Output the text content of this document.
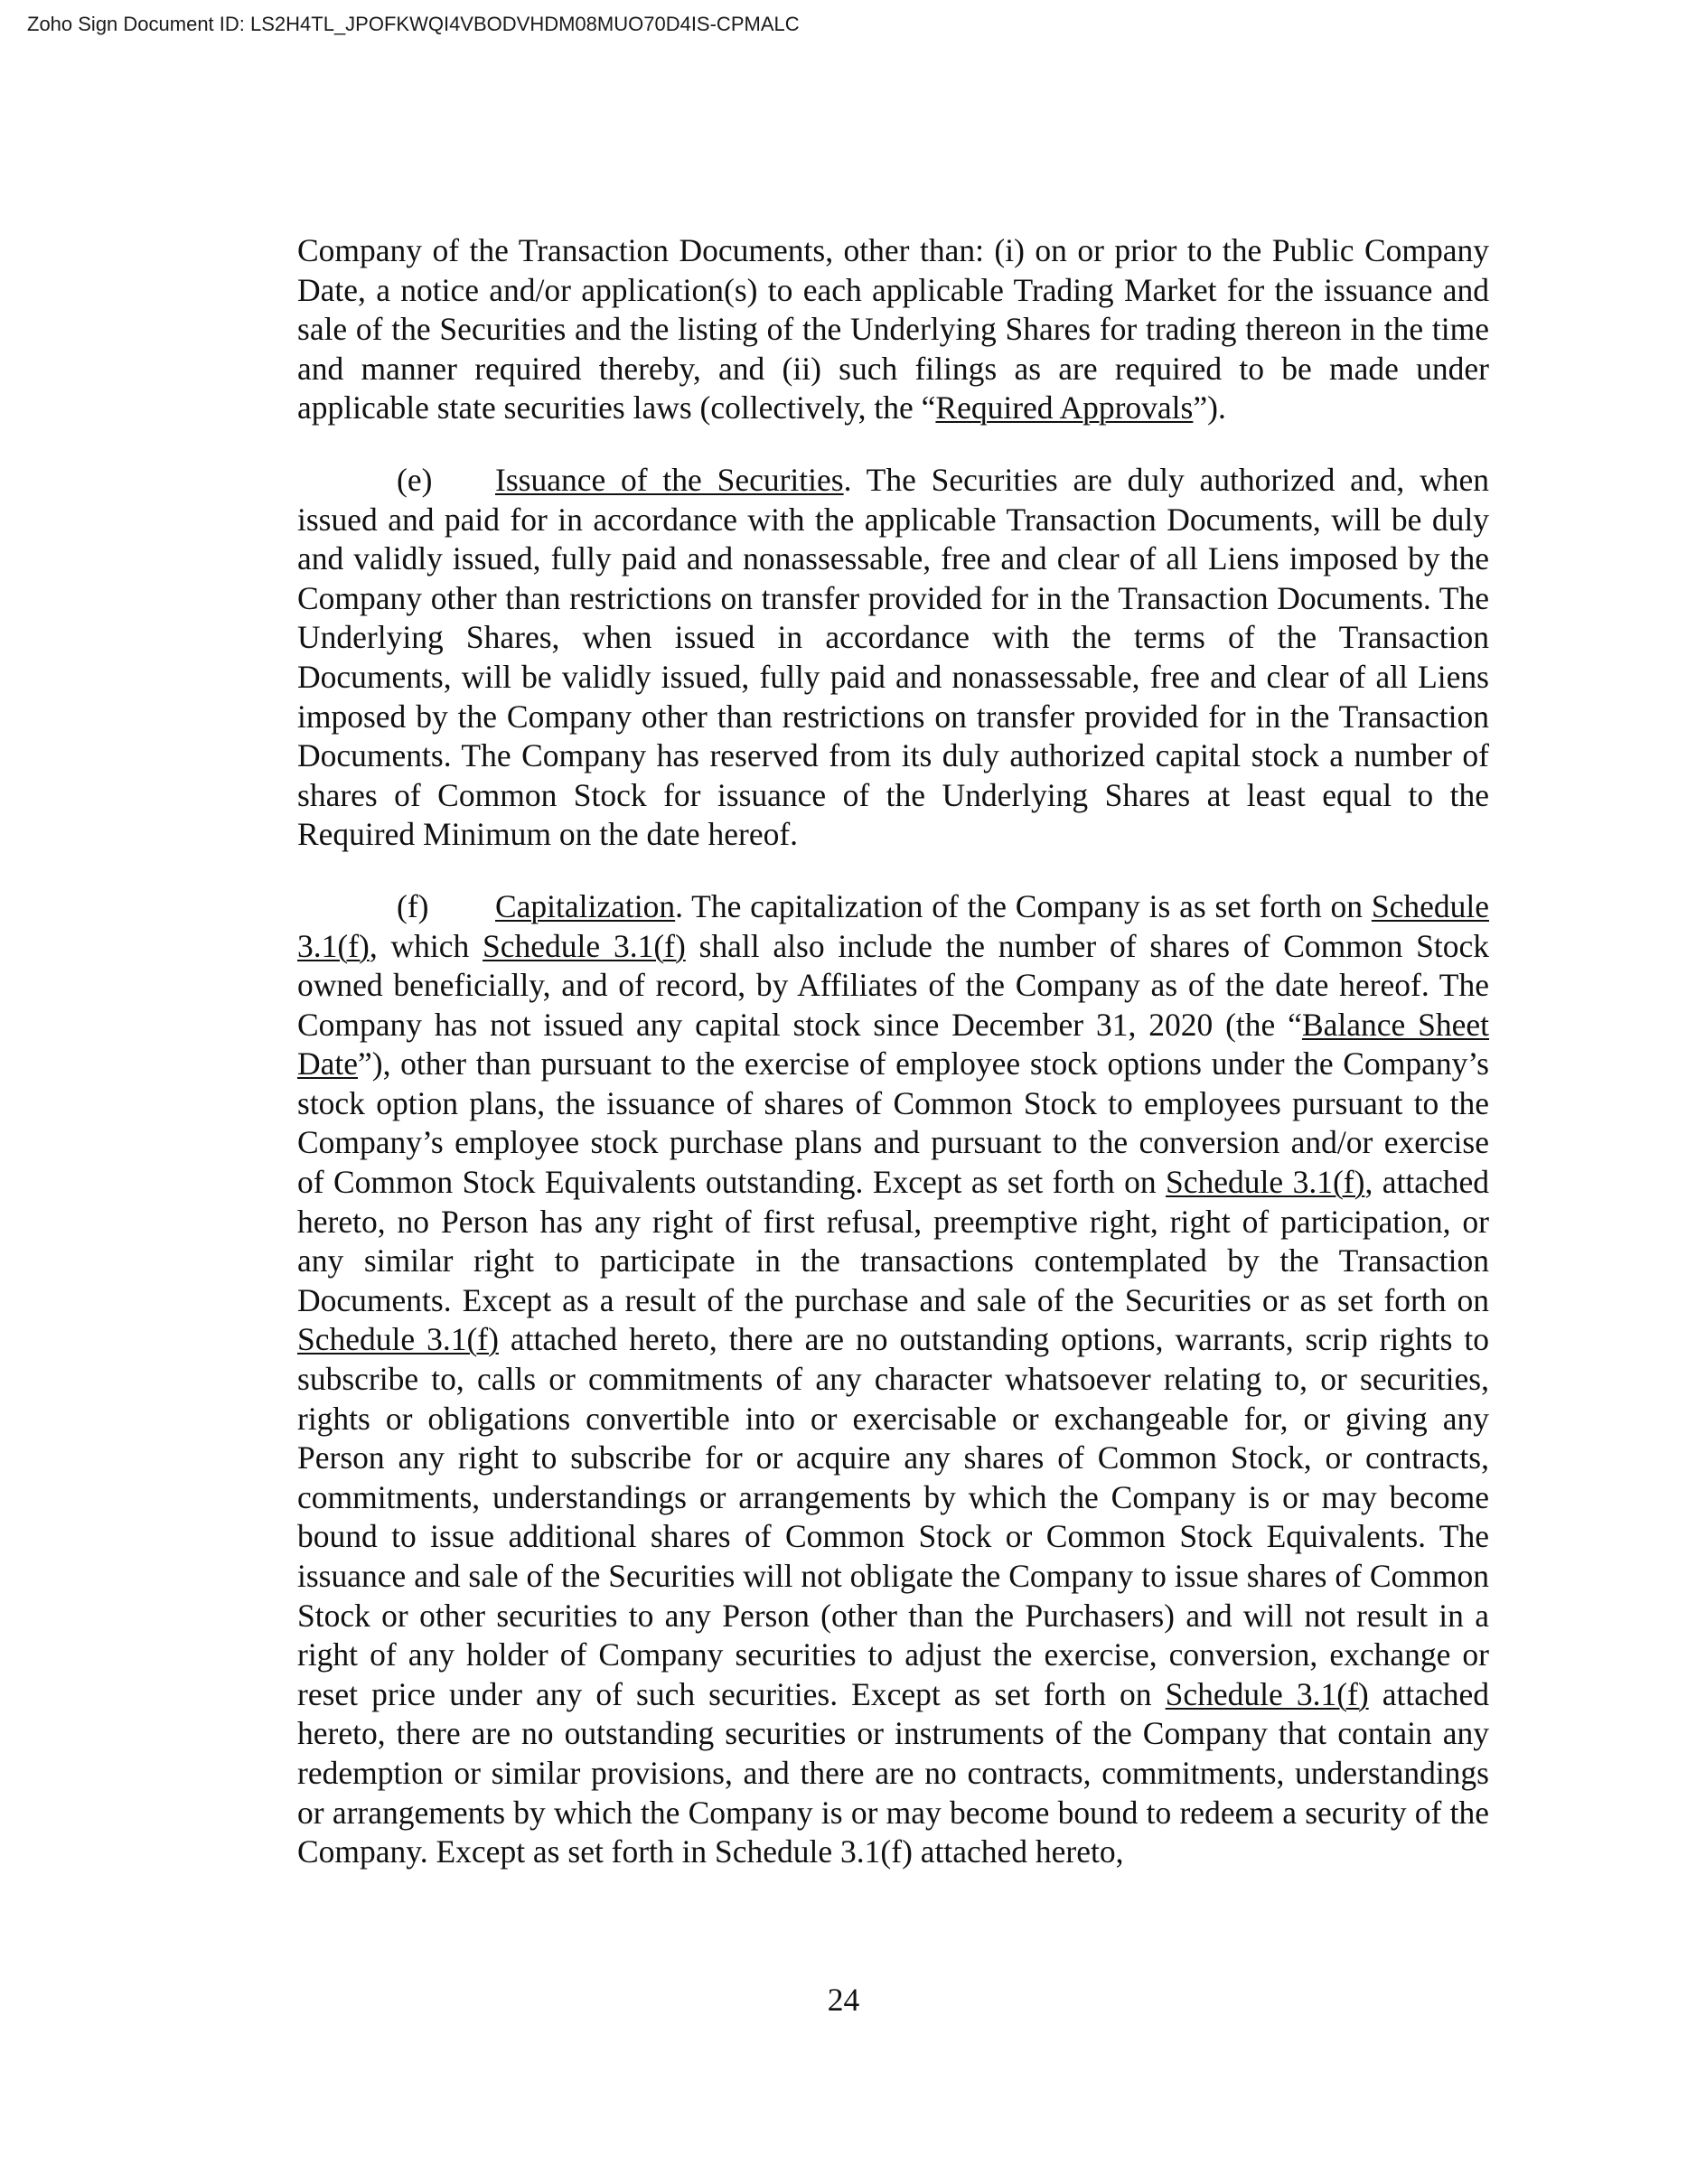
Zoho Sign Document ID: LS2H4TL_JPOFKWQI4VBODVHDM08MUO70D4IS-CPMALC

Company of the Transaction Documents, other than: (i) on or prior to the Public Company Date, a notice and/or application(s) to each applicable Trading Market for the issuance and sale of the Securities and the listing of the Underlying Shares for trading thereon in the time and manner required thereby, and (ii) such filings as are required to be made under applicable state securities laws (collectively, the “Required Approvals”).

(e) Issuance of the Securities. The Securities are duly authorized and, when issued and paid for in accordance with the applicable Transaction Documents, will be duly and validly issued, fully paid and nonassessable, free and clear of all Liens imposed by the Company other than restrictions on transfer provided for in the Transaction Documents. The Underlying Shares, when issued in accordance with the terms of the Transaction Documents, will be validly issued, fully paid and nonassessable, free and clear of all Liens imposed by the Company other than restrictions on transfer provided for in the Transaction Documents. The Company has reserved from its duly authorized capital stock a number of shares of Common Stock for issuance of the Underlying Shares at least equal to the Required Minimum on the date hereof.

(f) Capitalization. The capitalization of the Company is as set forth on Schedule 3.1(f), which Schedule 3.1(f) shall also include the number of shares of Common Stock owned beneficially, and of record, by Affiliates of the Company as of the date hereof. The Company has not issued any capital stock since December 31, 2020 (the “Balance Sheet Date”), other than pursuant to the exercise of employee stock options under the Company’s stock option plans, the issuance of shares of Common Stock to employees pursuant to the Company’s employee stock purchase plans and pursuant to the conversion and/or exercise of Common Stock Equivalents outstanding. Except as set forth on Schedule 3.1(f), attached hereto, no Person has any right of first refusal, preemptive right, right of participation, or any similar right to participate in the transactions contemplated by the Transaction Documents. Except as a result of the purchase and sale of the Securities or as set forth on Schedule 3.1(f) attached hereto, there are no outstanding options, warrants, scrip rights to subscribe to, calls or commitments of any character whatsoever relating to, or securities, rights or obligations convertible into or exercisable or exchangeable for, or giving any Person any right to subscribe for or acquire any shares of Common Stock, or contracts, commitments, understandings or arrangements by which the Company is or may become bound to issue additional shares of Common Stock or Common Stock Equivalents. The issuance and sale of the Securities will not obligate the Company to issue shares of Common Stock or other securities to any Person (other than the Purchasers) and will not result in a right of any holder of Company securities to adjust the exercise, conversion, exchange or reset price under any of such securities. Except as set forth on Schedule 3.1(f) attached hereto, there are no outstanding securities or instruments of the Company that contain any redemption or similar provisions, and there are no contracts, commitments, understandings or arrangements by which the Company is or may become bound to redeem a security of the Company. Except as set forth in Schedule 3.1(f) attached hereto,

24
